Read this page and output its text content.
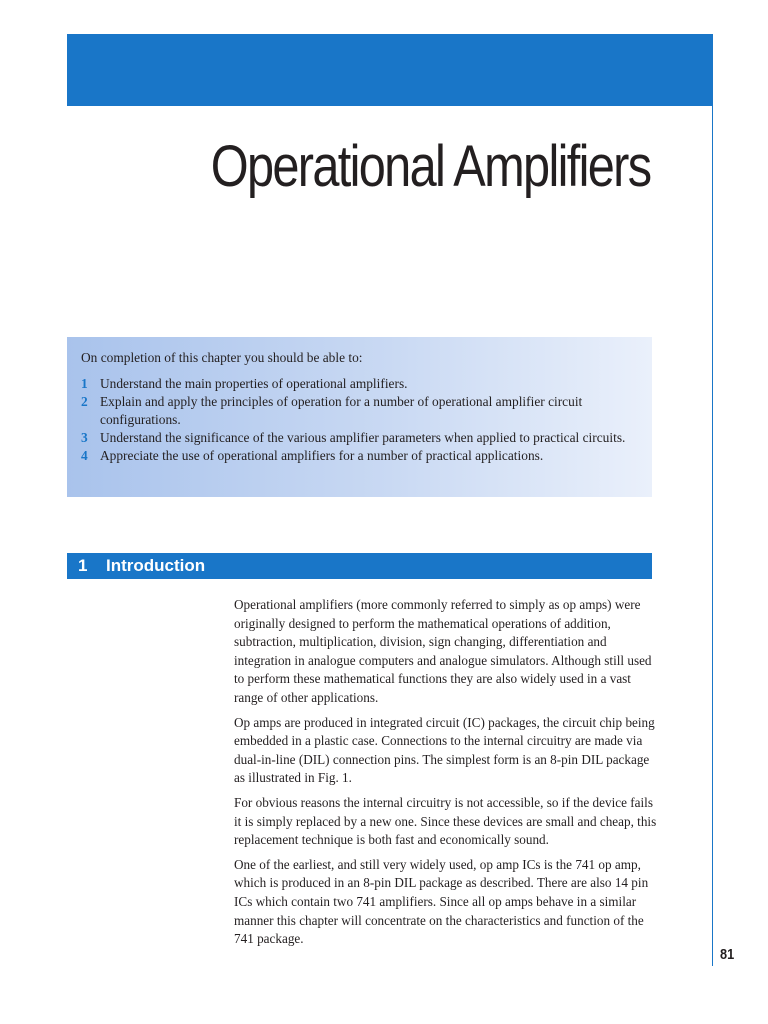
Operational Amplifiers

On completion of this chapter you should be able to:

1 Understand the main properties of operational amplifiers.
2 Explain and apply the principles of operation for a number of operational amplifier circuit configurations.
3 Understand the significance of the various amplifier parameters when applied to practical circuits.
4 Appreciate the use of operational amplifiers for a number of practical applications.
1 Introduction

Operational amplifiers (more commonly referred to simply as op amps) were originally designed to perform the mathematical operations of addition, subtraction, multiplication, division, sign changing, differentiation and integration in analogue computers and analogue simulators. Although still used to perform these mathematical functions they are also widely used in a vast range of other applications.

Op amps are produced in integrated circuit (IC) packages, the circuit chip being embedded in a plastic case. Connections to the internal circuitry are made via dual-in-line (DIL) connection pins. The simplest form is an 8-pin DIL package as illustrated in Fig. 1.

For obvious reasons the internal circuitry is not accessible, so if the device fails it is simply replaced by a new one. Since these devices are small and cheap, this replacement technique is both fast and economically sound.

One of the earliest, and still very widely used, op amp ICs is the 741 op amp, which is produced in an 8-pin DIL package as described. There are also 14 pin ICs which contain two 741 amplifiers. Since all op amps behave in a similar manner this chapter will concentrate on the characteristics and function of the 741 package.

81
